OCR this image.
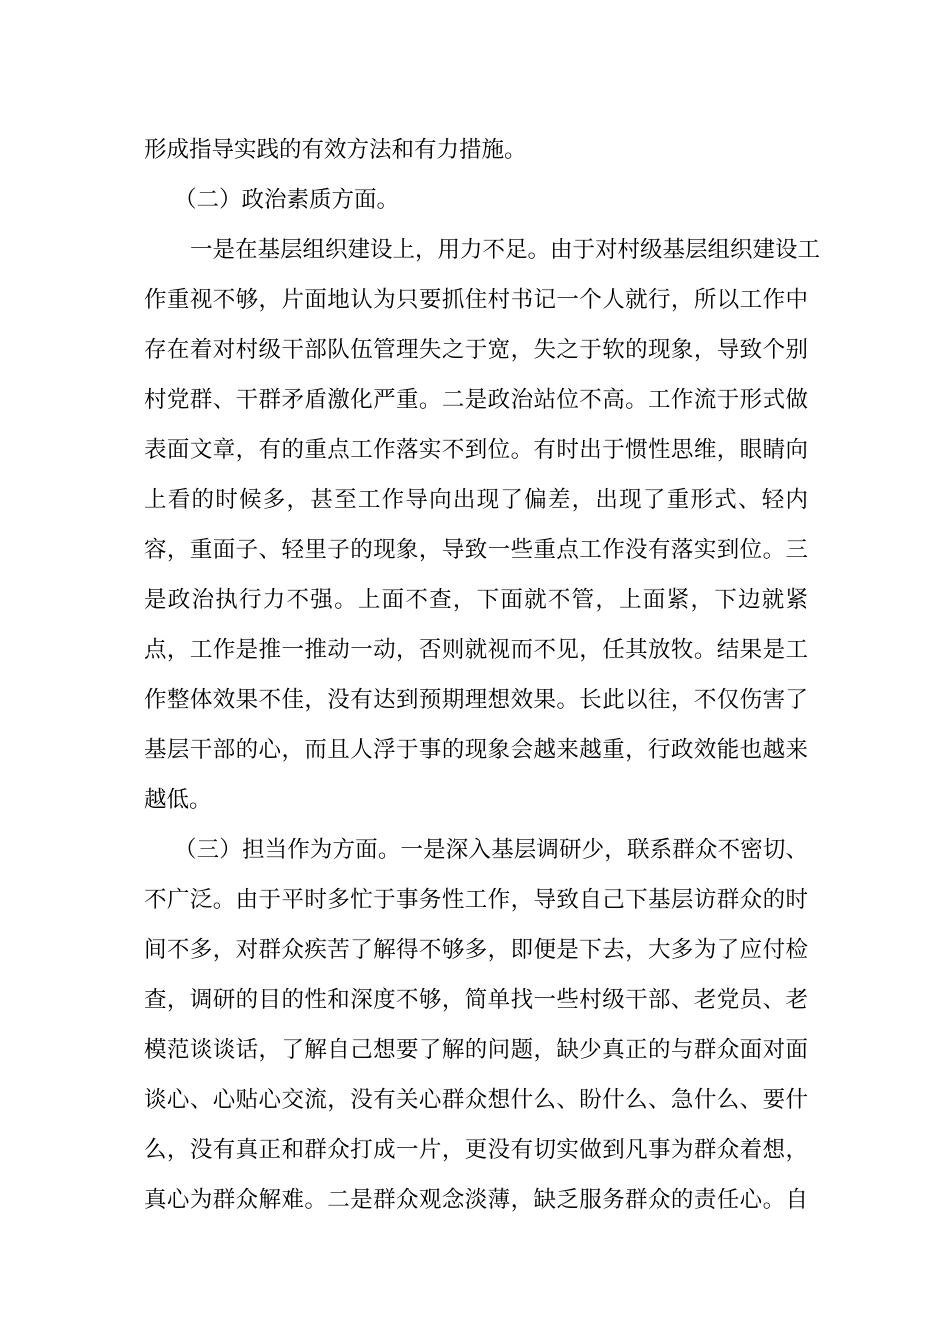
形成指导实践的有效方法和有力措施。
（二）政治素质方面。
一是在基层组织建设上，用力不足。由于对村级基层组织建设工
作重视不够，片面地认为只要抓住村书记一个人就行，所以工作中
存在着对村级干部队伍管理失之于宽，失之于软的现象，导致个别
村党群、干群矛盾激化严重。二是政治站位不高。工作流于形式做
表面文章，有的重点工作落实不到位。有时出于惯性思维，眼睛向
上看的时候多，甚至工作导向出现了偏差，出现了重形式、轻内
容，重面子、轻里子的现象，导致一些重点工作没有落实到位。三
是政治执行力不强。上面不查，下面就不管，上面紧，下边就紧
点，工作是推一推动一动，否则就视而不见，任其放牧。结果是工
作整体效果不佳，没有达到预期理想效果。长此以往，不仅伤害了
基层干部的心，而且人浮于事的现象会越来越重，行政效能也越来
越低。
（三）担当作为方面。一是深入基层调研少，联系群众不密切、
不广泛。由于平时多忙于事务性工作，导致自己下基层访群众的时
间不多，对群众疾苦了解得不够多，即便是下去，大多为了应付检
查，调研的目的性和深度不够，简单找一些村级干部、老党员、老
模范谈谈话，了解自己想要了解的问题，缺少真正的与群众面对面
谈心、心贴心交流，没有关心群众想什么、盼什么、急什么、要什
么，没有真正和群众打成一片，更没有切实做到凡事为群众着想，
真心为群众解难。二是群众观念淡薄，缺乏服务群众的责任心。自
